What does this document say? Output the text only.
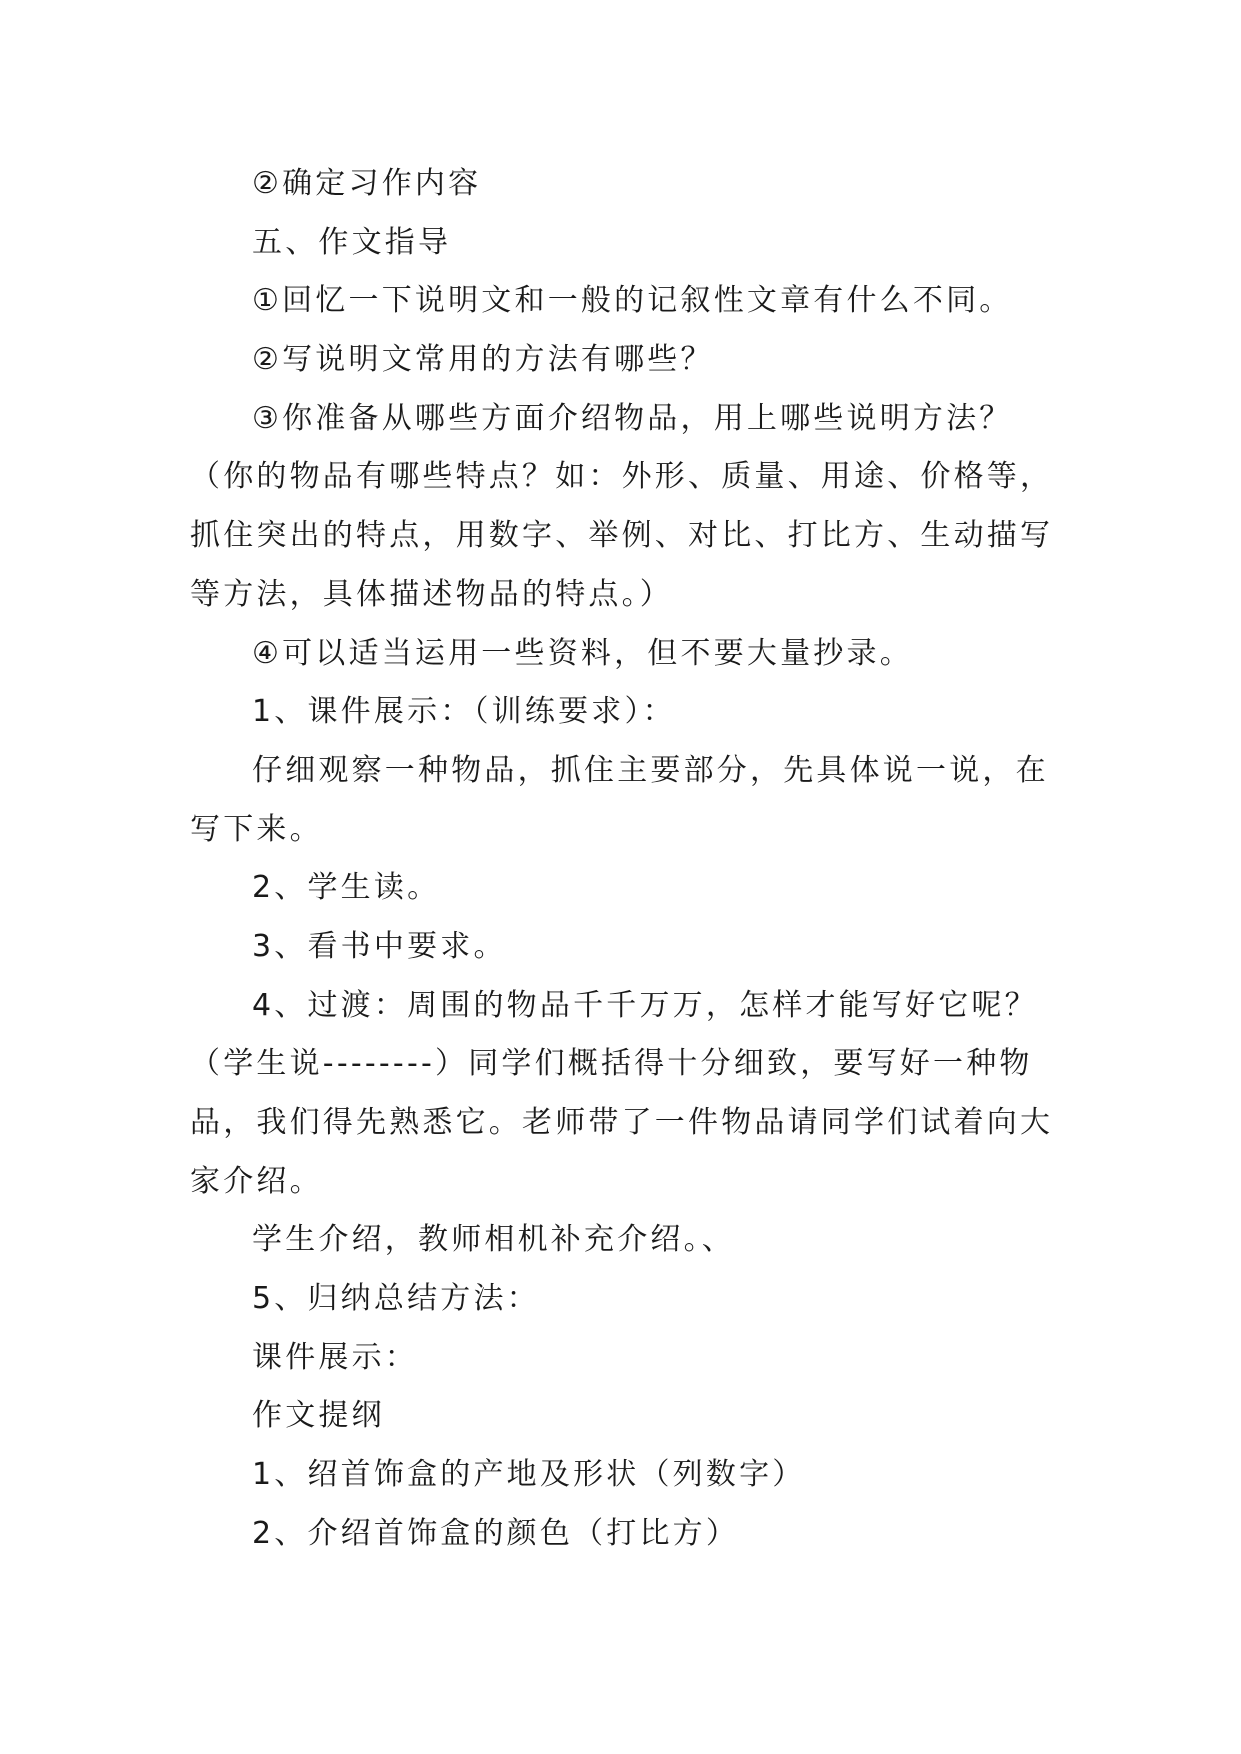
②确定习作内容

五、作文指导

①回忆一下说明文和一般的记叙性文章有什么不同。

②写说明文常用的方法有哪些？

③你准备从哪些方面介绍物品，用上哪些说明方法？

（你的物品有哪些特点？如：外形、质量、用途、价格等，

抓住突出的特点，用数字、举例、对比、打比方、生动描写

等方法，具体描述物品的特点。）

④可以适当运用一些资料，但不要大量抄录。

1、课件展示：（训练要求）：

仔细观察一种物品，抓住主要部分，先具体说一说，在

写下来。

2、学生读。

3、看书中要求。

4、过渡：周围的物品千千万万，怎样才能写好它呢？

（学生说--------）同学们概括得十分细致，要写好一种物

品，我们得先熟悉它。老师带了一件物品请同学们试着向大

家介绍。

学生介绍，教师相机补充介绍。、

5、归纳总结方法：

课件展示：

作文提纲

1、绍首饰盒的产地及形状（列数字）

2、介绍首饰盒的颜色（打比方）
